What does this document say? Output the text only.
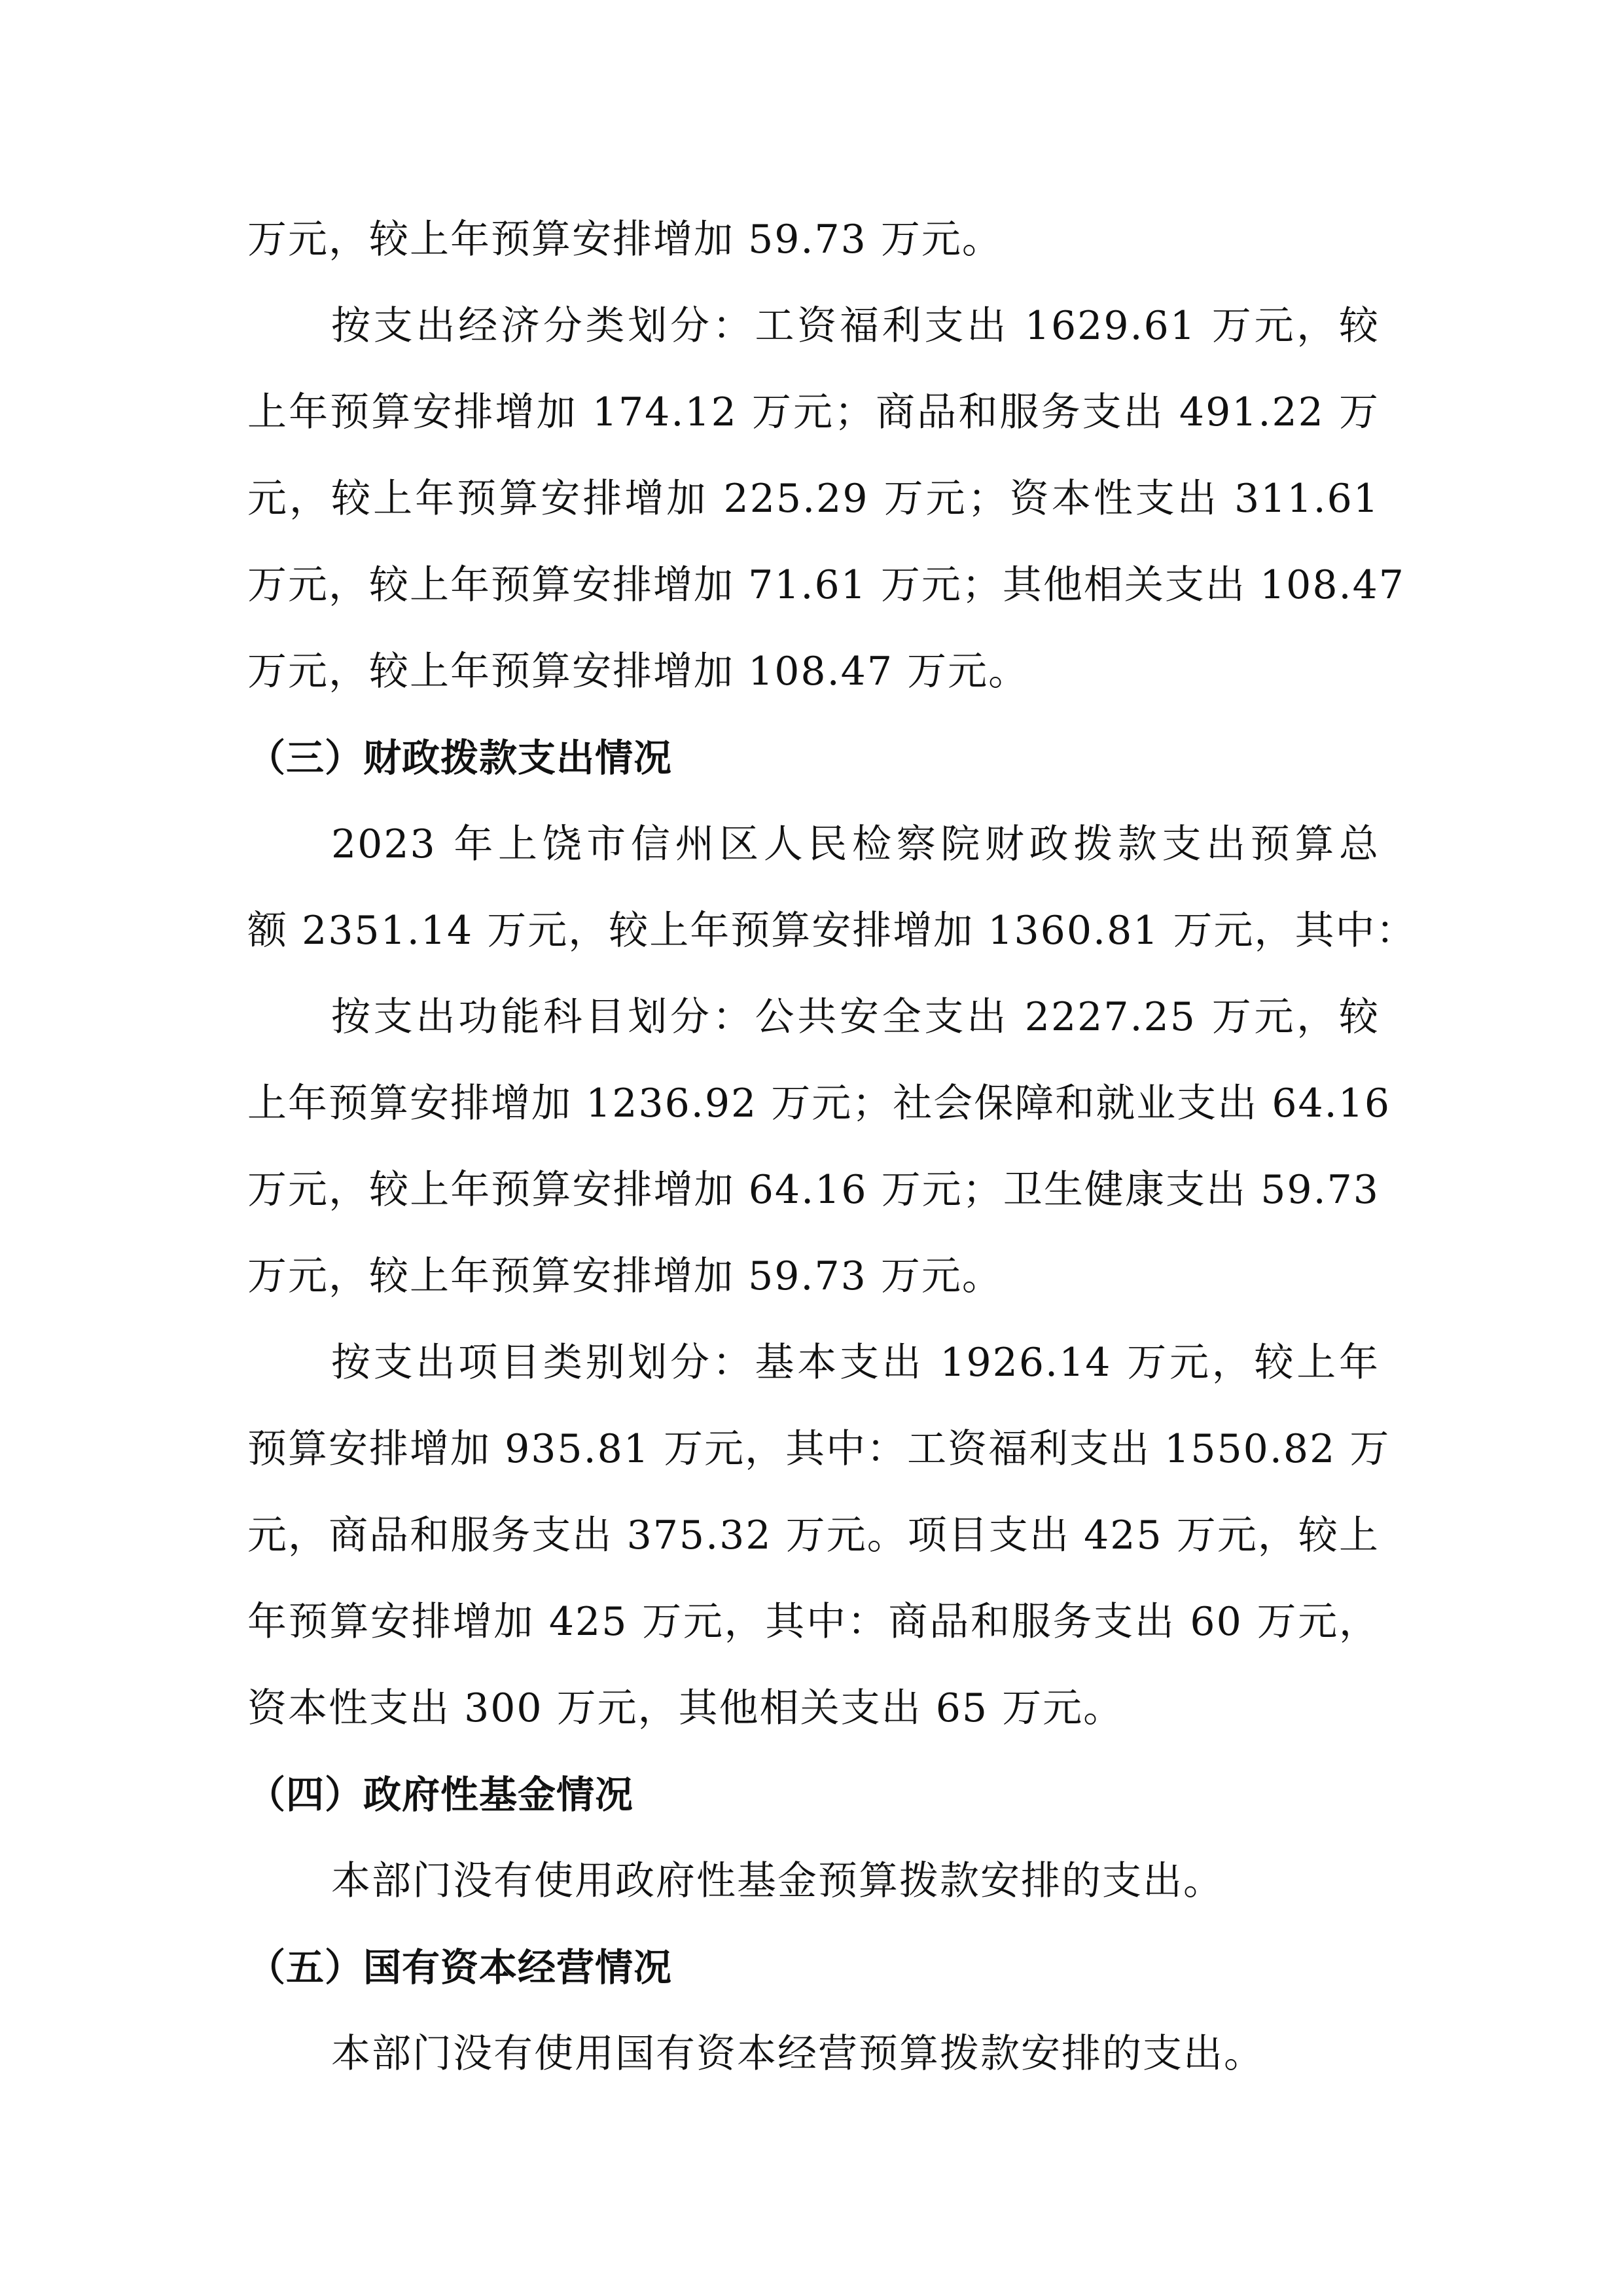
万元，较上年预算安排增加 59.73 万元。
按支出经济分类划分：工资福利支出 1629.61 万元，较
上年预算安排增加 174.12 万元；商品和服务支出 491.22 万
元，较上年预算安排增加 225.29 万元；资本性支出 311.61
万元，较上年预算安排增加 71.61 万元；其他相关支出 108.47
万元，较上年预算安排增加 108.47 万元。
（三）财政拨款支出情况
2023 年上饶市信州区人民检察院财政拨款支出预算总
额 2351.14 万元，较上年预算安排增加 1360.81 万元，其中：
按支出功能科目划分：公共安全支出 2227.25 万元，较
上年预算安排增加 1236.92 万元；社会保障和就业支出 64.16
万元，较上年预算安排增加 64.16 万元；卫生健康支出 59.73
万元，较上年预算安排增加 59.73 万元。
按支出项目类别划分：基本支出 1926.14 万元，较上年
预算安排增加 935.81 万元，其中：工资福利支出 1550.82 万
元，商品和服务支出 375.32 万元。项目支出 425 万元，较上
年预算安排增加 425 万元，其中：商品和服务支出 60 万元，
资本性支出 300 万元，其他相关支出 65 万元。
（四）政府性基金情况
本部门没有使用政府性基金预算拨款安排的支出。
（五）国有资本经营情况
本部门没有使用国有资本经营预算拨款安排的支出。
